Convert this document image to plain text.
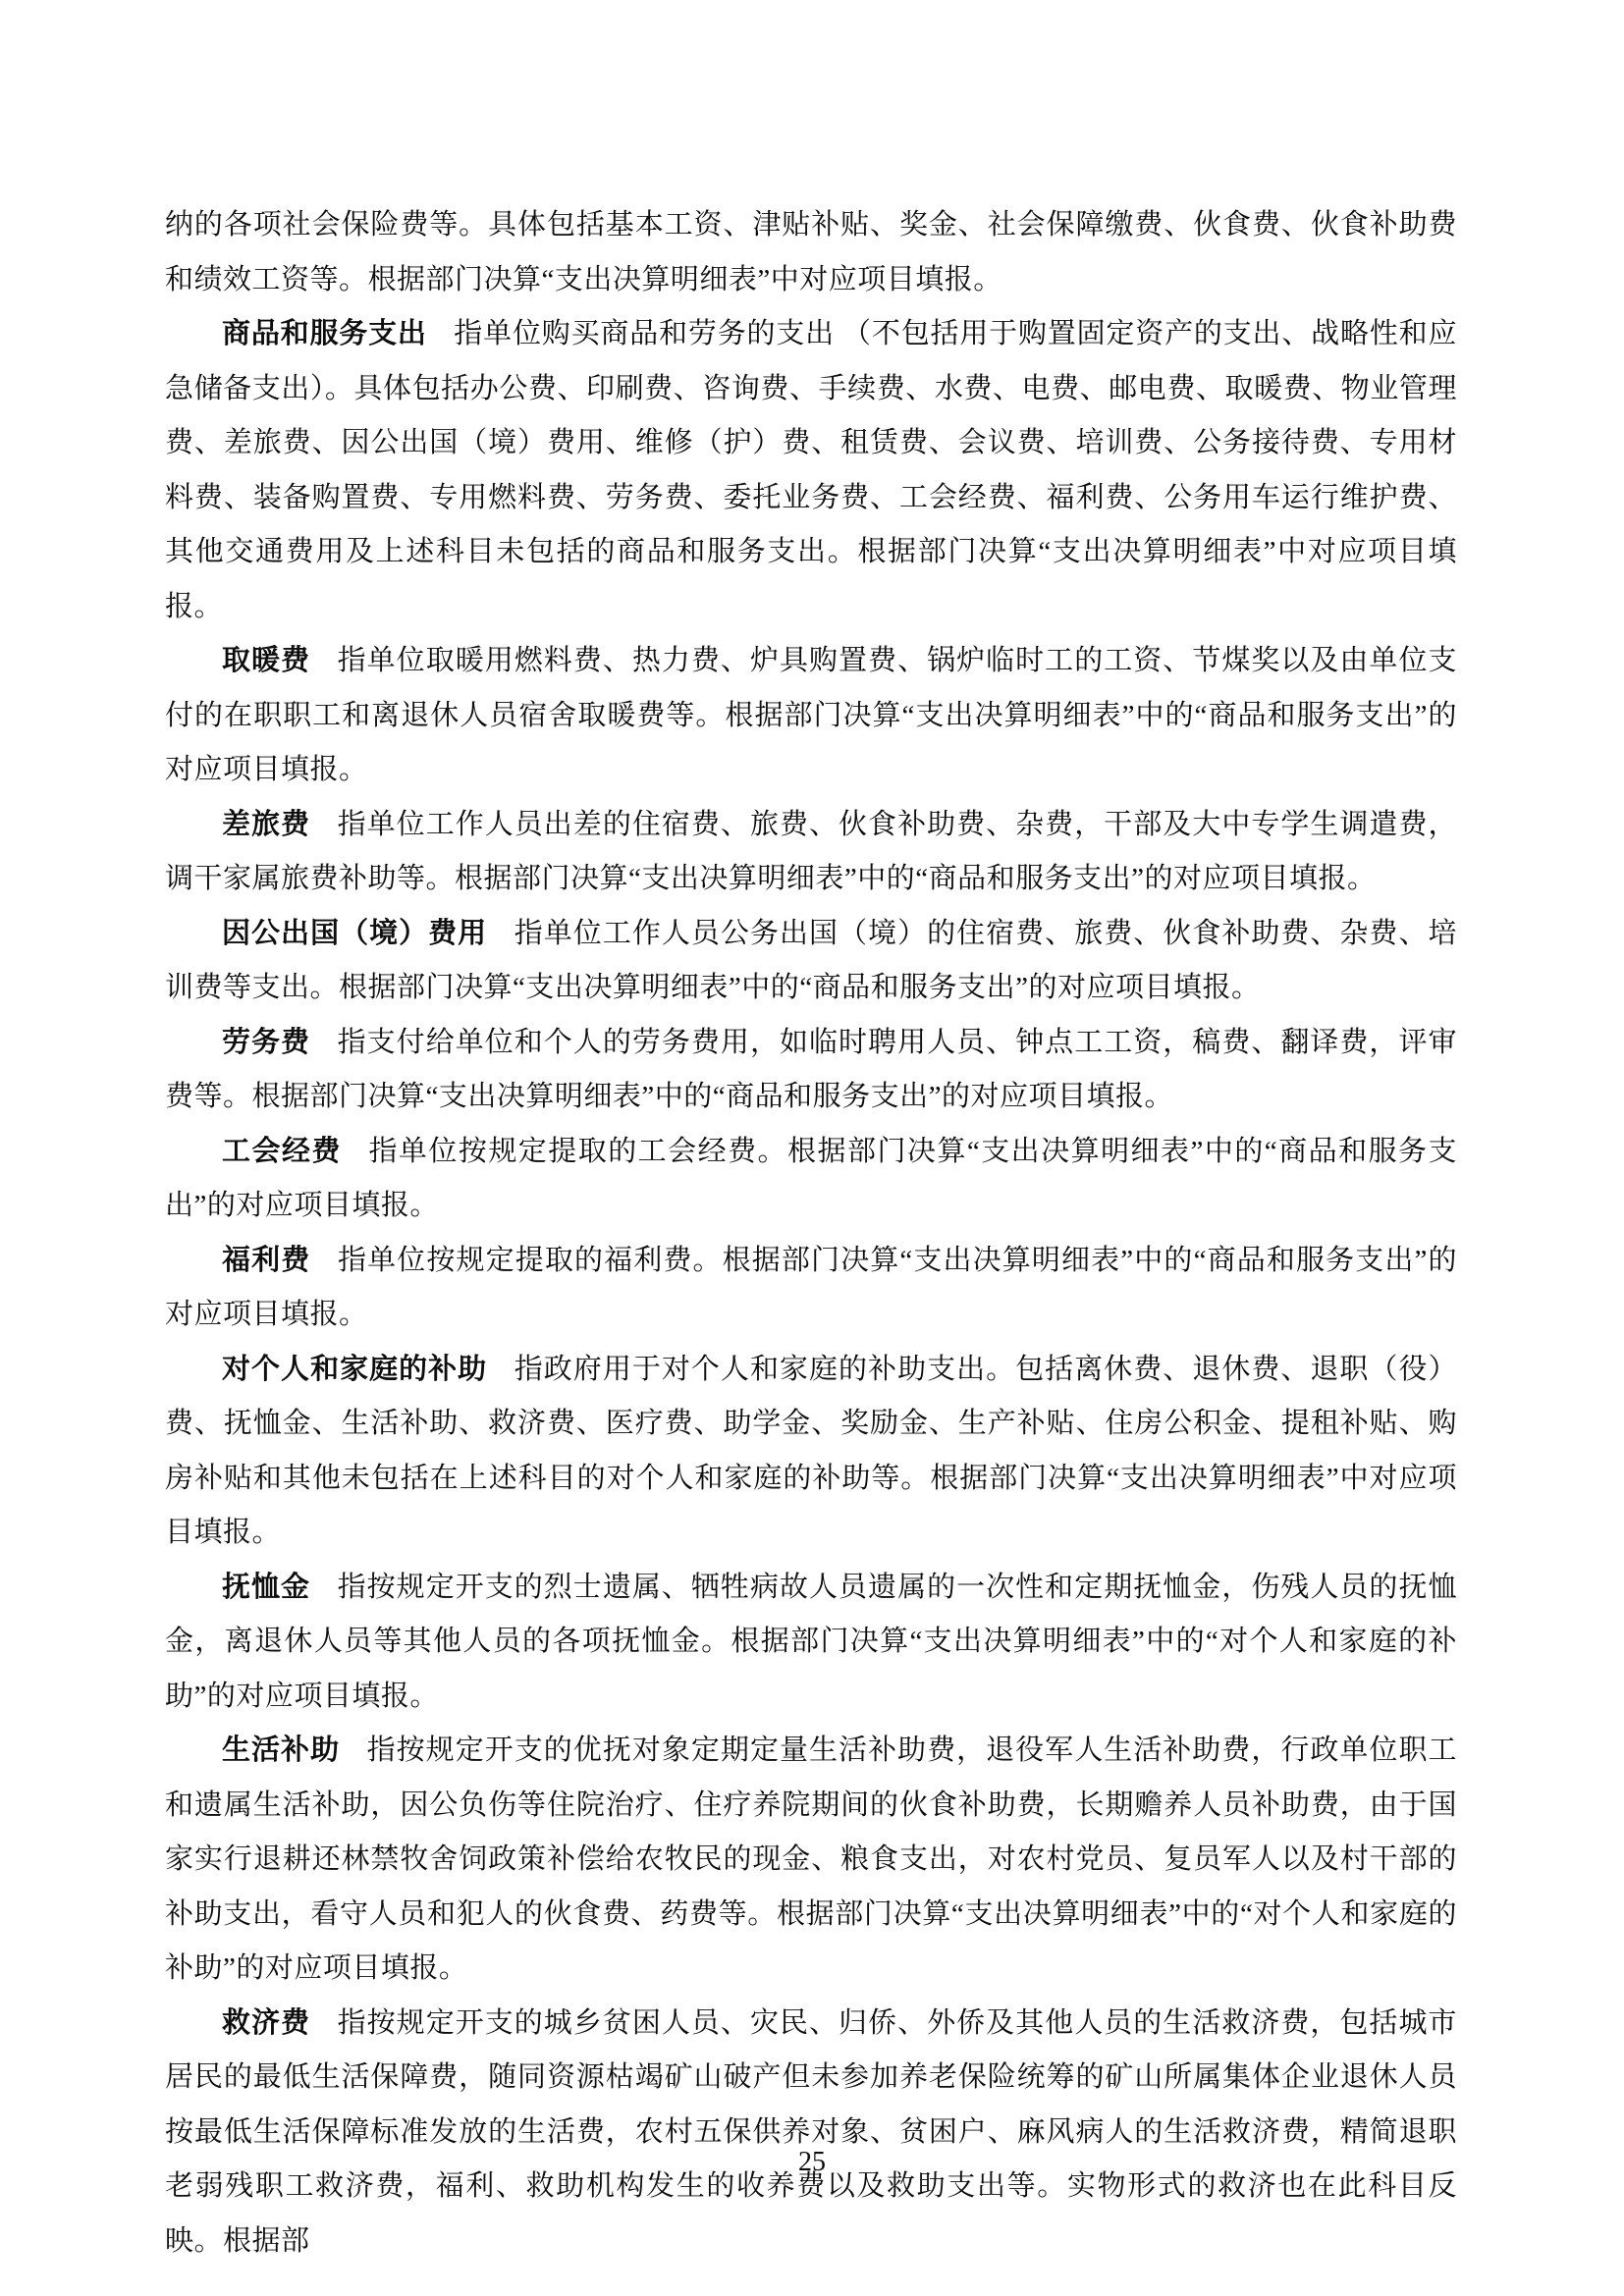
纳的各项社会保险费等。具体包括基本工资、津贴补贴、奖金、社会保障缴费、伙食费、伙食补助费和绩效工资等。根据部门决算“支出决算明细表”中对应项目填报。

商品和服务支出 指单位购买商品和劳务的支出 （不包括用于购置固定资产的支出、战略性和应急储备支出）。具体包括办公费、印刷费、咨询费、手续费、水费、电费、邮电费、取暖费、物业管理费、差旅费、因公出国（境）费用、维修（护）费、租赁费、会议费、培训费、公务接待费、专用材料费、装备购置费、专用燃料费、劳务费、委托业务费、工会经费、福利费、公务用车运行维护费、其他交通费用及上述科目未包括的商品和服务支出。根据部门决算“支出决算明细表”中对应项目填报。

取暖费 指单位取暖用燃料费、热力费、炉具购置费、锅炉临时工的工资、节煤奖以及由单位支付的在职职工和离退休人员宿舍取暖费等。根据部门决算“支出决算明细表”中的“商品和服务支出”的对应项目填报。

差旅费 指单位工作人员出差的住宿费、旅费、伙食补助费、杂费，干部及大中专学生调遣费，调干家属旅费补助等。根据部门决算“支出决算明细表”中的“商品和服务支出”的对应项目填报。

因公出国（境）费用 指单位工作人员公务出国（境）的住宿费、旅费、伙食补助费、杂费、培训费等支出。根据部门决算“支出决算明细表”中的“商品和服务支出”的对应项目填报。

劳务费 指支付给单位和个人的劳务费用，如临时聘用人员、钟点工工资，稿费、翻译费，评审费等。根据部门决算“支出决算明细表”中的“商品和服务支出”的对应项目填报。

工会经费 指单位按规定提取的工会经费。根据部门决算“支出决算明细表”中的“商品和服务支出”的对应项目填报。

福利费 指单位按规定提取的福利费。根据部门决算“支出决算明细表”中的“商品和服务支出”的对应项目填报。

对个人和家庭的补助 指政府用于对个人和家庭的补助支出。包括离休费、退休费、退职（役）费、抚恤金、生活补助、救济费、医疗费、助学金、奖励金、生产补贴、住房公积金、提租补贴、购房补贴和其他未包括在上述科目的对个人和家庭的补助等。根据部门决算“支出决算明细表”中对应项目填报。

抚恤金 指按规定开支的烈士遗属、牺牲病故人员遗属的一次性和定期抚恤金，伤残人员的抚恤金，离退休人员等其他人员的各项抚恤金。根据部门决算“支出决算明细表”中的“对个人和家庭的补助”的对应项目填报。

生活补助 指按规定开支的优抚对象定期定量生活补助费，退役军人生活补助费，行政单位职工和遗属生活补助，因公负伤等住院治疗、住疗养院期间的伙食补助费，长期赡养人员补助费，由于国家实行退耕还林禁牧舍饲政策补偿给农牧民的现金、粮食支出，对农村党员、复员军人以及村干部的补助支出，看守人员和犯人的伙食费、药费等。根据部门决算“支出决算明细表”中的“对个人和家庭的补助”的对应项目填报。

救济费 指按规定开支的城乡贫困人员、灾民、归侨、外侨及其他人员的生活救济费，包括城市居民的最低生活保障费，随同资源枯竭矿山破产但未参加养老保险统筹的矿山所属集体企业退休人员按最低生活保障标准发放的生活费，农村五保供养对象、贫困户、麻风病人的生活救济费，精简退职老弱残职工救济费，福利、救助机构发生的收养费以及救助支出等。实物形式的救济也在此科目反映。根据部

25
